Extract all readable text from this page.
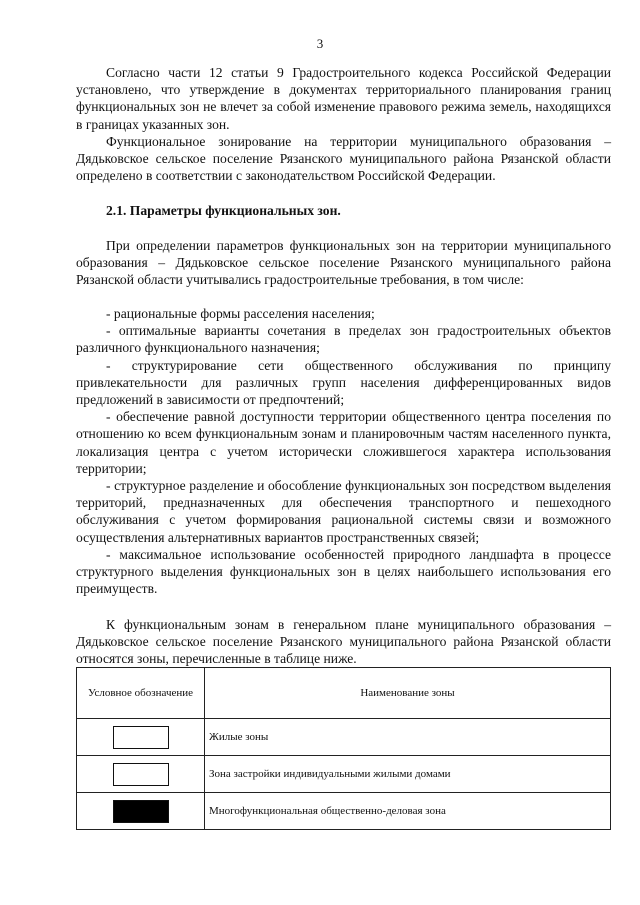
3

Согласно части 12 статьи 9 Градостроительного кодекса Российской Федерации установлено, что утверждение в документах территориального планирования границ функциональных зон не влечет за собой изменение правового режима земель, находящихся в границах указанных зон.

Функциональное зонирование на территории муниципального образования – Дядьковское сельское поселение Рязанского муниципального района Рязанской области определено в соответствии с законодательством Российской Федерации.

2.1. Параметры функциональных зон.

При определении параметров функциональных зон на территории муниципального образования – Дядьковское сельское поселение Рязанского муниципального района Рязанской области учитывались градостроительные требования, в том числе:

- рациональные формы расселения населения;
- оптимальные варианты сочетания в пределах зон градостроительных объектов различного функционального назначения;
- структурирование сети общественного обслуживания по принципу привлекательности для различных групп населения дифференцированных видов предложений в зависимости от предпочтений;
- обеспечение равной доступности территории общественного центра поселения по отношению ко всем функциональным зонам и планировочным частям населенного пункта, локализация центра с учетом исторически сложившегося характера использования территории;
- структурное разделение и обособление функциональных зон посредством выделения территорий, предназначенных для обеспечения транспортного и пешеходного обслуживания с учетом формирования рациональной системы связи и возможного осуществления альтернативных вариантов пространственных связей;
- максимальное использование особенностей природного ландшафта в процессе структурного выделения функциональных зон в целях наибольшего использования его преимуществ.

К функциональным зонам в генеральном плане муниципального образования – Дядьковское сельское поселение Рязанского муниципального района Рязанской области относятся зоны, перечисленные в таблице ниже.

Условное обозначение	Наименование зоны

	Жилые зоны

	Зона застройки индивидуальными жилыми домами

	Многофункциональная общественно-деловая зона
